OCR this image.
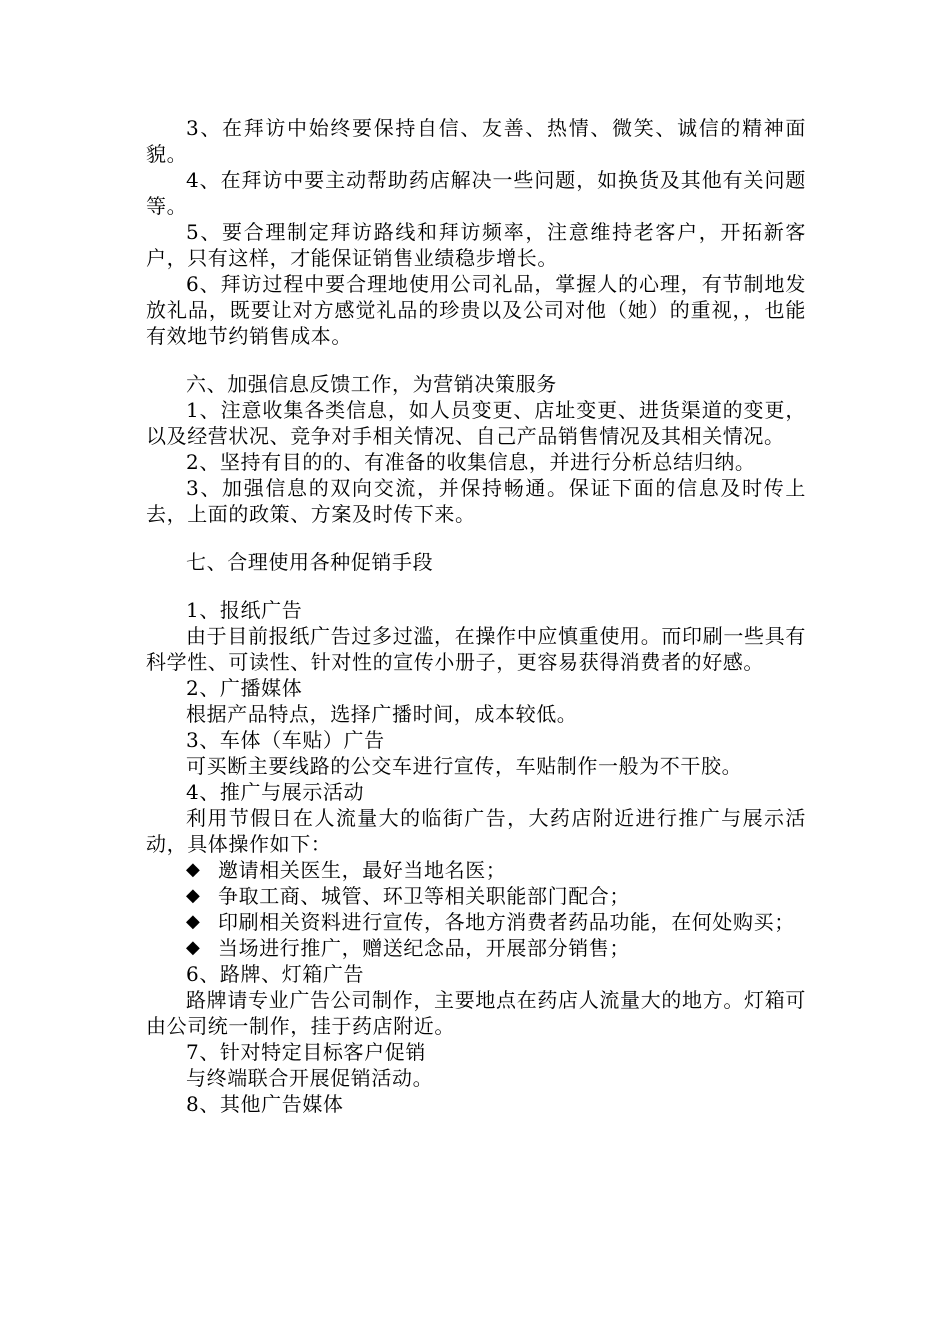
3、在拜访中始终要保持自信、友善、热情、微笑、诚信的精神面貌。

4、在拜访中要主动帮助药店解决一些问题，如换货及其他有关问题等。

5、要合理制定拜访路线和拜访频率，注意维持老客户，开拓新客户，只有这样，才能保证销售业绩稳步增长。

6、拜访过程中要合理地使用公司礼品，掌握人的心理，有节制地发放礼品，既要让对方感觉礼品的珍贵以及公司对他（她）的重视，，也能有效地节约销售成本。

六、加强信息反馈工作，为营销决策服务

1、注意收集各类信息，如人员变更、店址变更、进货渠道的变更，以及经营状况、竞争对手相关情况、自己产品销售情况及其相关情况。

2、坚持有目的的、有准备的收集信息，并进行分析总结归纳。

3、加强信息的双向交流，并保持畅通。保证下面的信息及时传上去，上面的政策、方案及时传下来。

七、合理使用各种促销手段

1、报纸广告

由于目前报纸广告过多过滥，在操作中应慎重使用。而印刷一些具有科学性、可读性、针对性的宣传小册子，更容易获得消费者的好感。

2、广播媒体

根据产品特点，选择广播时间，成本较低。

3、车体（车贴）广告

可买断主要线路的公交车进行宣传，车贴制作一般为不干胶。

4、推广与展示活动

利用节假日在人流量大的临街广告，大药店附近进行推广与展示活动，具体操作如下：

◆ 邀请相关医生，最好当地名医；
◆ 争取工商、城管、环卫等相关职能部门配合；
◆ 印刷相关资料进行宣传，各地方消费者药品功能，在何处购买；
◆ 当场进行推广，赠送纪念品，开展部分销售；

6、路牌、灯箱广告

路牌请专业广告公司制作，主要地点在药店人流量大的地方。灯箱可由公司统一制作，挂于药店附近。

7、针对特定目标客户促销

与终端联合开展促销活动。

8、其他广告媒体
